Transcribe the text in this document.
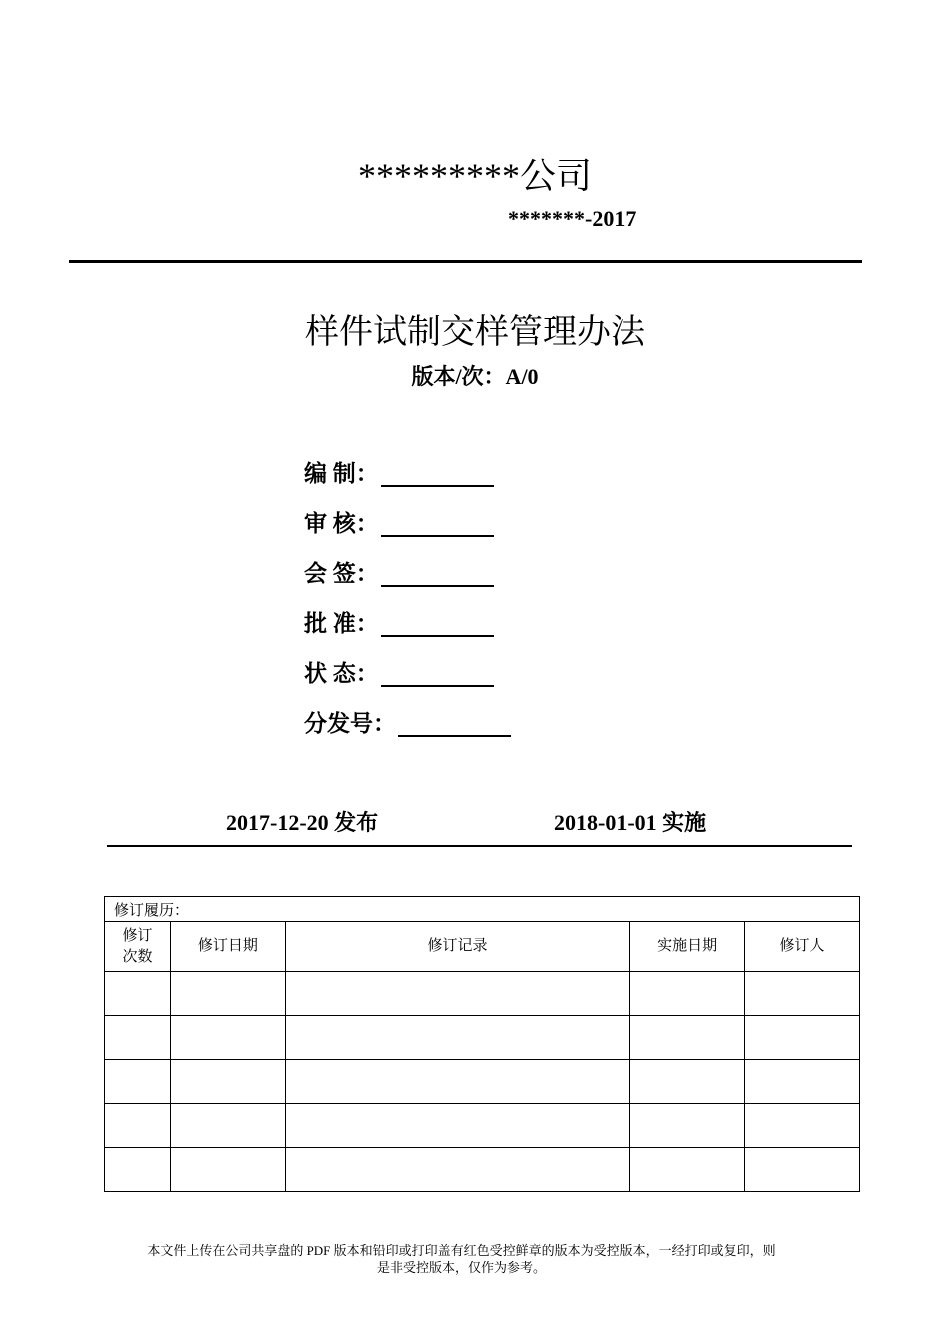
*********公司
*******-2017
样件试制交样管理办法
版本/次：A/0
编 制：
审 核：
会 签：
批 准：
状 态：
分发号：
2017-12-20 发布	2018-01-01 实施
修订履历：				
修订
次数	修订日期	修订记录	实施日期	修订人

本文件上传在公司共享盘的 PDF 版本和铅印或打印盖有红色受控鲜章的版本为受控版本，一经打印或复印，则
是非受控版本，仅作为参考。
